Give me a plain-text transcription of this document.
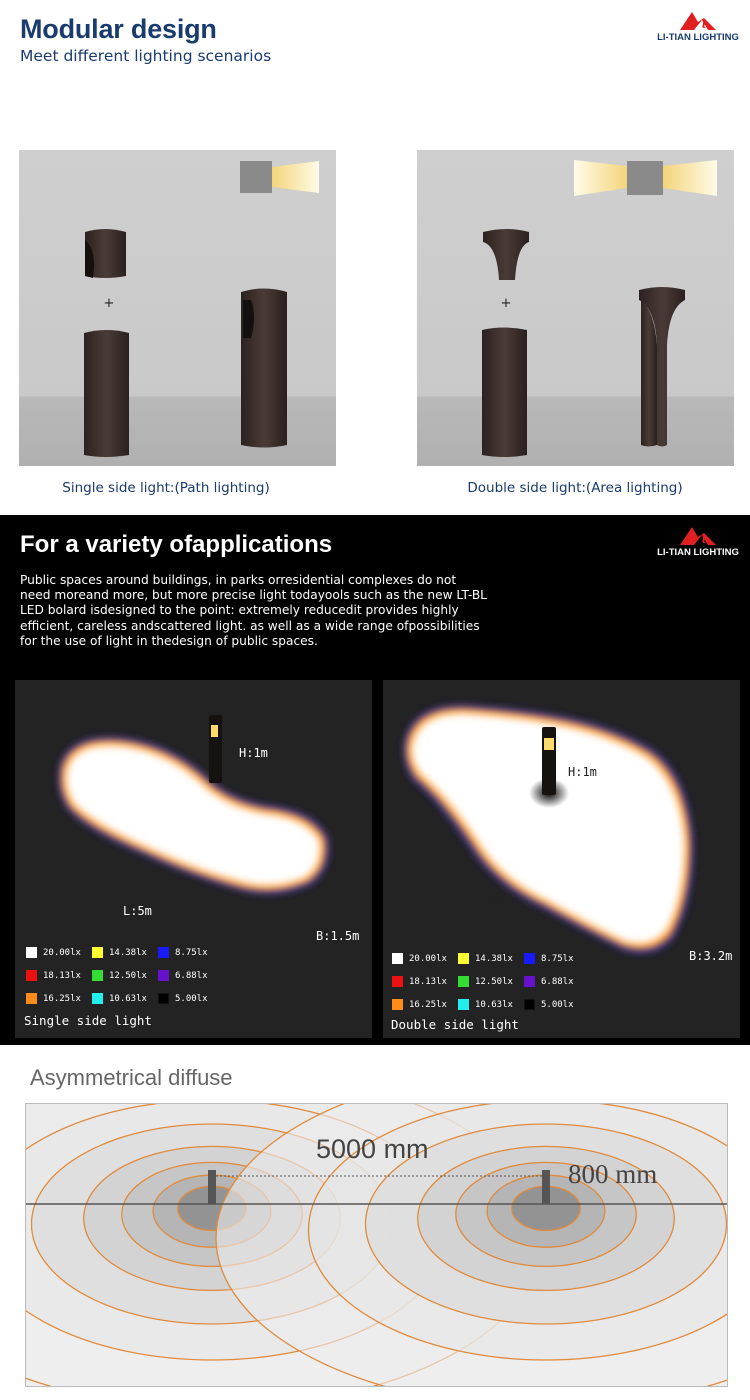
Modular design
Meet different lighting scenarios
t
LI-TIAN LIGHTING
+	+
Single side light:(Path lighting)	Double side light:(Area lighting)
For a variety ofapplications	t
LI-TIAN LIGHTING
Public spaces around buildings, in parks orresidential complexes do not need moreand more, but more precise light todayools such as the new LT-BL LED bolard isdesigned to the point: extremely reducedit provides highly efficient, careless andscattered light. as well as a wide range ofpossibilities for the use of light in thedesign of public spaces.
H:1m
L:5m
B:1.5m
20.00lx	14.38lx	8.75lx
18.13lx	12.50lx	6.88lx
16.25lx	10.63lx	5.00lx
Single side light
H:1m
L:6m
B:3.2m
20.00lx	14.38lx	8.75lx
18.13lx	12.50lx	6.88lx
16.25lx	10.63lx	5.00lx
Double side light
Asymmetrical diffuse
5000 mm
800 mm
